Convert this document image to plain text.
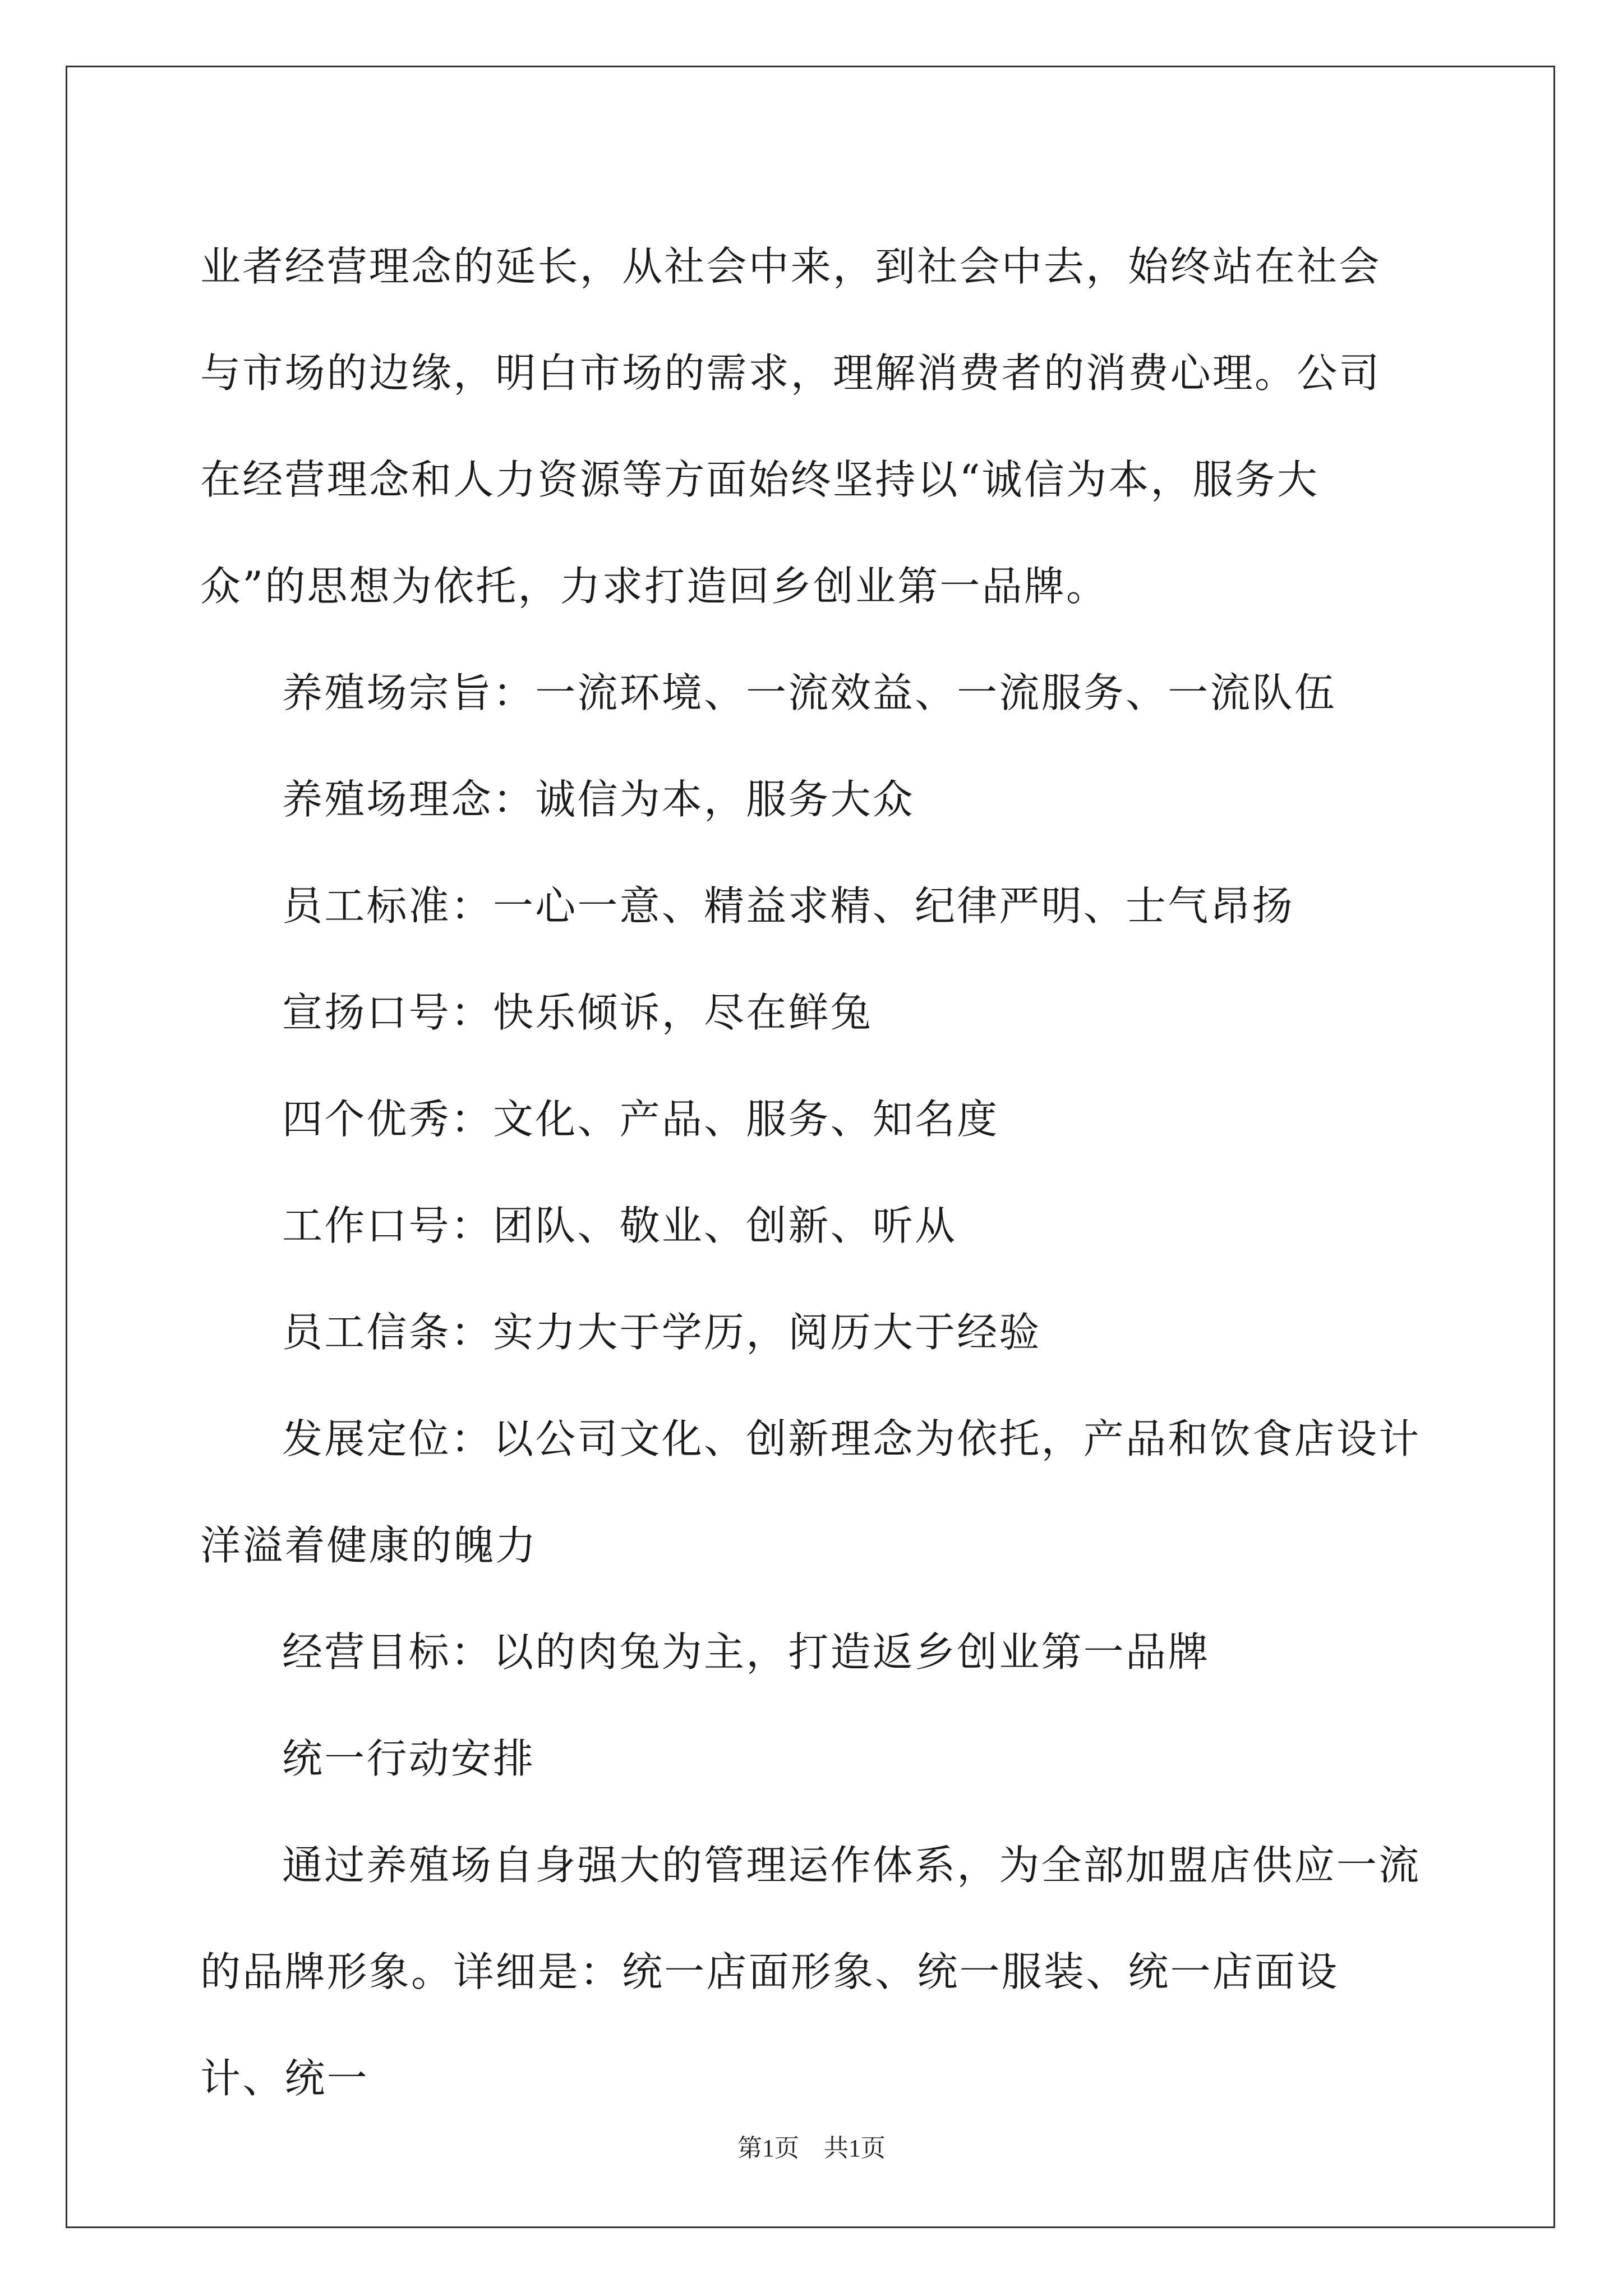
业者经营理念的延长，从社会中来，到社会中去，始终站在社会与市场的边缘，明白市场的需求，理解消费者的消费心理。公司在经营理念和人力资源等方面始终坚持以“诚信为本，服务大众”的思想为依托，力求打造回乡创业第一品牌。

养殖场宗旨：一流环境、一流效益、一流服务、一流队伍

养殖场理念：诚信为本，服务大众

员工标准：一心一意、精益求精、纪律严明、士气昂扬

宣扬口号：快乐倾诉，尽在鲜兔

四个优秀：文化、产品、服务、知名度

工作口号：团队、敬业、创新、听从

员工信条：实力大于学历，阅历大于经验

发展定位：以公司文化、创新理念为依托，产品和饮食店设计洋溢着健康的魄力

经营目标：以的肉兔为主，打造返乡创业第一品牌

统一行动安排

通过养殖场自身强大的管理运作体系，为全部加盟店供应一流的品牌形象。详细是：统一店面形象、统一服装、统一店面设计、统一

第1页　共1页
